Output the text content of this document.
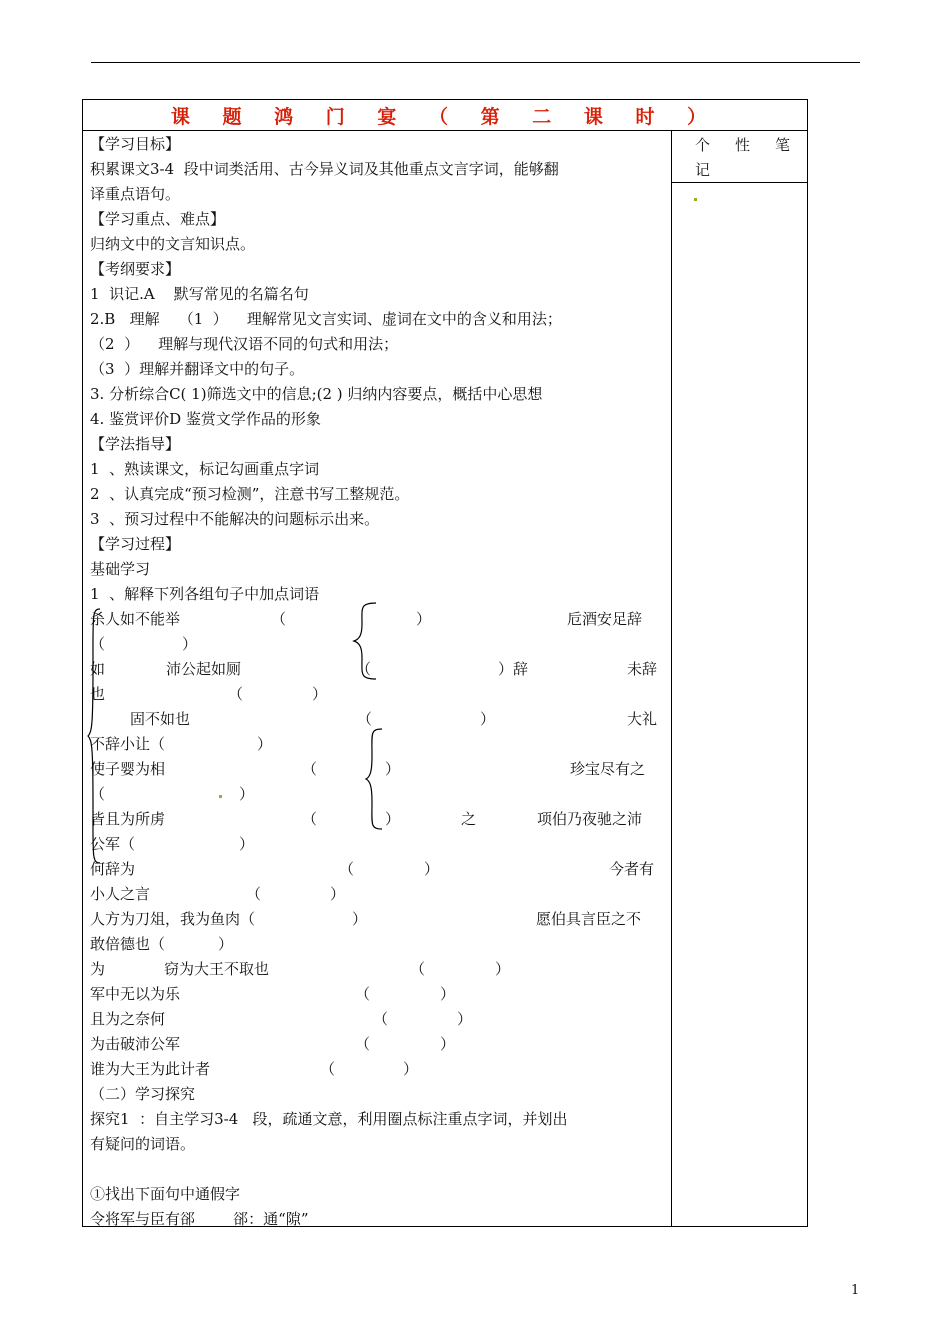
课 题 鸿 门 宴 （ 第 二 课 时 ）
个 性 笔
记
【学习目标】
积累课文3-4  段中词类活用、古今异义词及其他重点文言字词，能够翻
译重点语句。
【学习重点、难点】
归纳文中的文言知识点。
【考纲要求】
1  识记.A    默写常见的名篇名句
2.B   理解    （1  ）    理解常见文言实词、虚词在文中的含义和用法；
（2  ）    理解与现代汉语不同的句式和用法；
（3  ）理解并翻译文中的句子。
3. 分析综合C( 1)筛选文中的信息;(2 ) 归纳内容要点，概括中心思想
4. 鉴赏评价D 鉴赏文学作品的形象
【学法指导】
1  、熟读课文，标记勾画重点字词
2  、认真完成“预习检测”，注意书写工整规范。
3  、预习过程中不能解决的问题标示出来。
【学习过程】
基础学习
1  、解释下列各组句子中加点词语
杀人如不能举	（	）	卮酒安足辞
（	）
如	沛公起如厕	（	）辞	未辞
也	（	）
固不如也	（	）	大礼
不辞小让（	）
使子婴为相	（	）	珍宝尽有之
（	）
皆且为所虏	（	）	之	项伯乃夜驰之沛
公军（	）
何辞为	（	）	今者有
小人之言	（	）
人方为刀俎，我为鱼肉（	）	愿伯具言臣之不
敢倍德也（	）
为	窃为大王不取也	（	）
军中无以为乐	（	）
且为之奈何	（	）
为击破沛公军	（	）
谁为大王为此计者	（	）
（二）学习探究
探究1  ：自主学习3-4   段，疏通文意，利用圈点标注重点字词，并划出
有疑问的词语。
①找出下面句中通假字
令将军与臣有郤        郤：通“隙”
1
